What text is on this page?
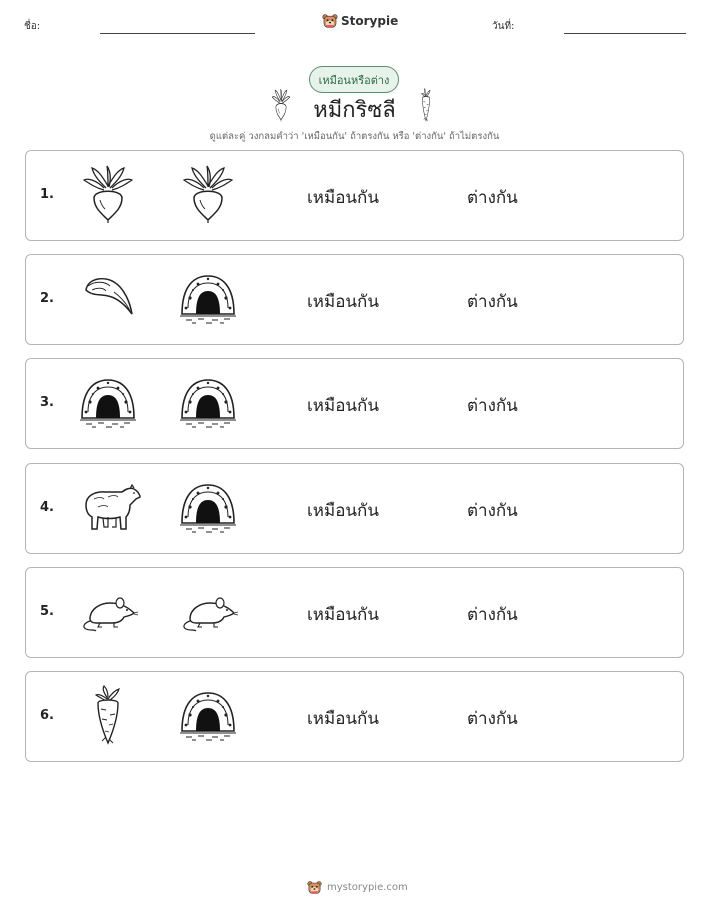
ชื่อ:	Storypie	วันที่:
เหมือนหรือต่าง
หมีกริซลี
ดูแต่ละคู่ วงกลมคำว่า 'เหมือนกัน' ถ้าตรงกัน หรือ 'ต่างกัน' ถ้าไม่ตรงกัน
1.	เหมือนกัน	ต่างกัน
2.	เหมือนกัน	ต่างกัน
3.	เหมือนกัน	ต่างกัน
4.	เหมือนกัน	ต่างกัน
5.	เหมือนกัน	ต่างกัน
6.	เหมือนกัน	ต่างกัน
mystorypie.com
